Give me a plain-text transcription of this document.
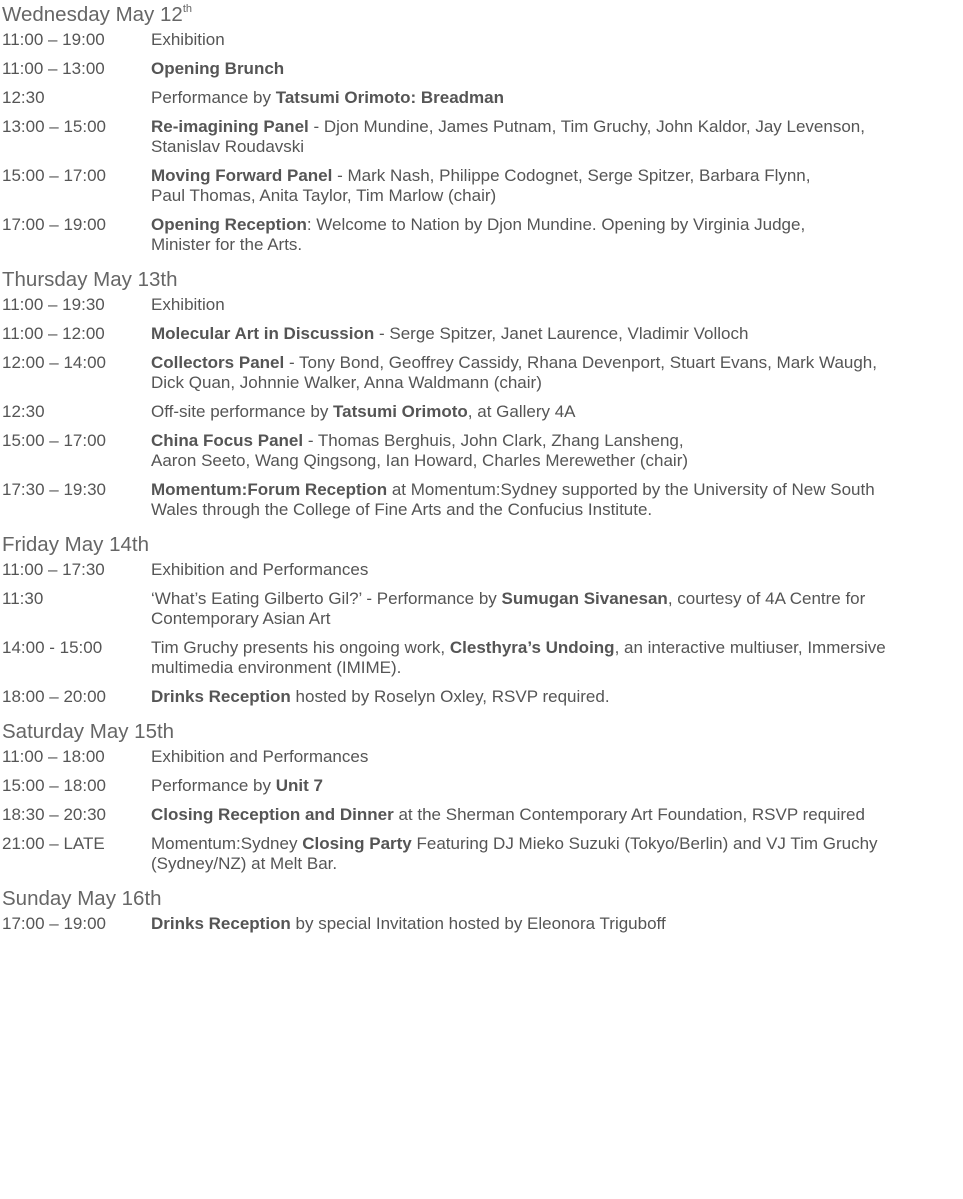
Wednesday May 12th
11:00 – 19:00	Exhibition
11:00 – 13:00	Opening Brunch
12:30	Performance by Tatsumi Orimoto: Breadman
13:00 – 15:00	Re-imagining Panel - Djon Mundine, James Putnam, Tim Gruchy, John Kaldor, Jay Levenson,
Stanislav Roudavski
15:00 – 17:00	Moving Forward Panel - Mark Nash, Philippe Codognet, Serge Spitzer, Barbara Flynn,
Paul Thomas, Anita Taylor, Tim Marlow (chair)
17:00 – 19:00	Opening Reception: Welcome to Nation by Djon Mundine. Opening by Virginia Judge,
Minister for the Arts.
Thursday May 13th
11:00 – 19:30	Exhibition
11:00 – 12:00	Molecular Art in Discussion - Serge Spitzer, Janet Laurence, Vladimir Volloch
12:00 – 14:00	Collectors Panel - Tony Bond, Geoffrey Cassidy, Rhana Devenport, Stuart Evans, Mark Waugh,
Dick Quan, Johnnie Walker, Anna Waldmann (chair)
12:30	Off-site performance by Tatsumi Orimoto, at Gallery 4A
15:00 – 17:00	China Focus Panel - Thomas Berghuis, John Clark, Zhang Lansheng,
Aaron Seeto, Wang Qingsong, Ian Howard, Charles Merewether (chair)
17:30 – 19:30	Momentum:Forum Reception at Momentum:Sydney supported by the University of New South
Wales through the College of Fine Arts and the Confucius Institute.
Friday May 14th
11:00 – 17:30	Exhibition and Performances
11:30	‘What’s Eating Gilberto Gil?’ - Performance by Sumugan Sivanesan, courtesy of 4A Centre for
Contemporary Asian Art
14:00 - 15:00	Tim Gruchy presents his ongoing work, Clesthyra’s Undoing, an interactive multiuser, Immersive
multimedia environment (IMIME).
18:00 – 20:00	Drinks Reception hosted by Roselyn Oxley, RSVP required.
Saturday May 15th
11:00 – 18:00	Exhibition and Performances
15:00 – 18:00	Performance by Unit 7
18:30 – 20:30	Closing Reception and Dinner at the Sherman Contemporary Art Foundation, RSVP required
21:00 – LATE	Momentum:Sydney Closing Party Featuring DJ Mieko Suzuki (Tokyo/Berlin) and VJ Tim Gruchy
(Sydney/NZ) at Melt Bar.
Sunday May 16th
17:00 – 19:00	Drinks Reception by special Invitation hosted by Eleonora Triguboff
